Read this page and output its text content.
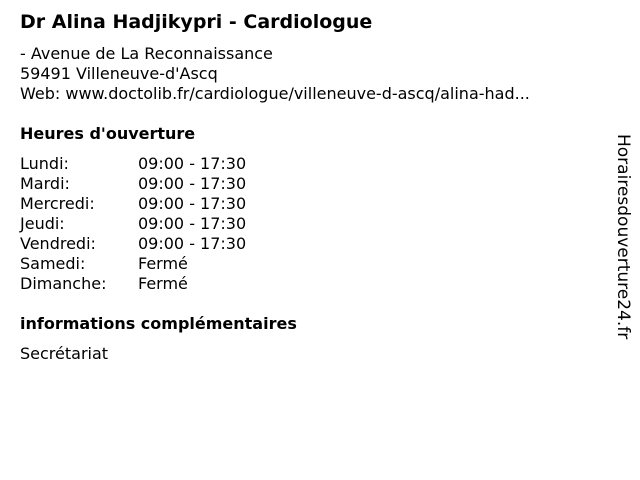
Dr Alina Hadjikypri - Cardiologue
- Avenue de La Reconnaissance
59491 Villeneuve-d'Ascq
Web: www.doctolib.fr/cardiologue/villeneuve-d-ascq/alina-had...
Heures d'ouverture
Lundi:	09:00 - 17:30
Mardi:	09:00 - 17:30
Mercredi:	09:00 - 17:30
Jeudi:	09:00 - 17:30
Vendredi:	09:00 - 17:30
Samedi:	Fermé
Dimanche: Fermé
informations complémentaires
Secrétariat
Horairesdouverture24.fr
